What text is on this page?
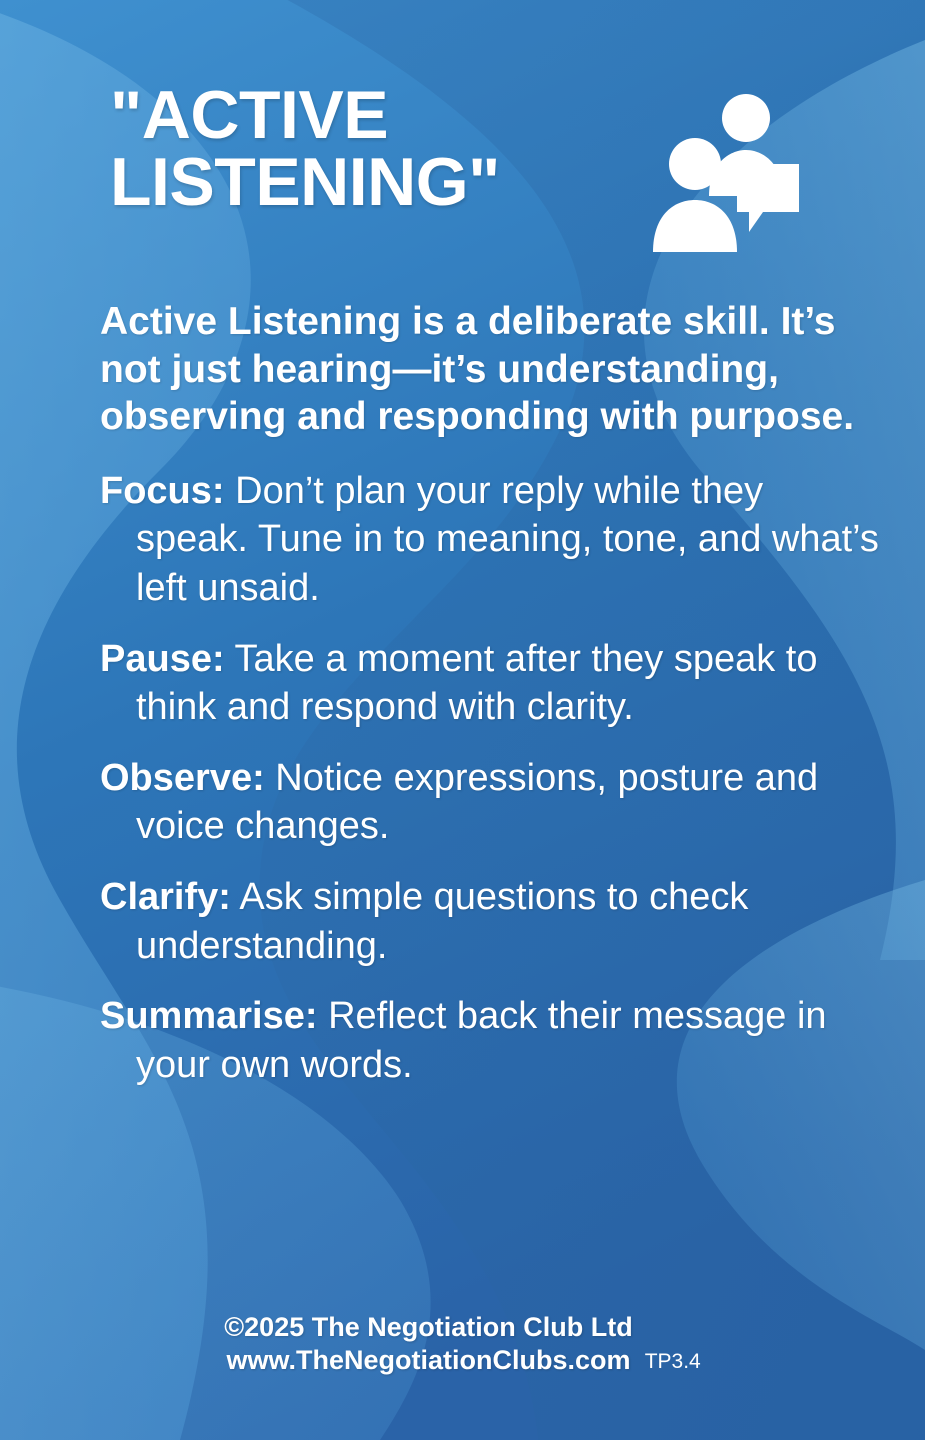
"ACTIVE LISTENING"

Active Listening is a deliberate skill. It’s not just hearing—it’s understanding, observing and responding with purpose.

Focus: Don’t plan your reply while they speak. Tune in to meaning, tone, and what’s left unsaid.
Pause: Take a moment after they speak to think and respond with clarity.
Observe: Notice expressions, posture and voice changes.
Clarify: Ask simple questions to check understanding.
Summarise: Reflect back their message in your own words.
©2025 The Negotiation Club Ltd
www.TheNegotiationClubs.com TP3.4
